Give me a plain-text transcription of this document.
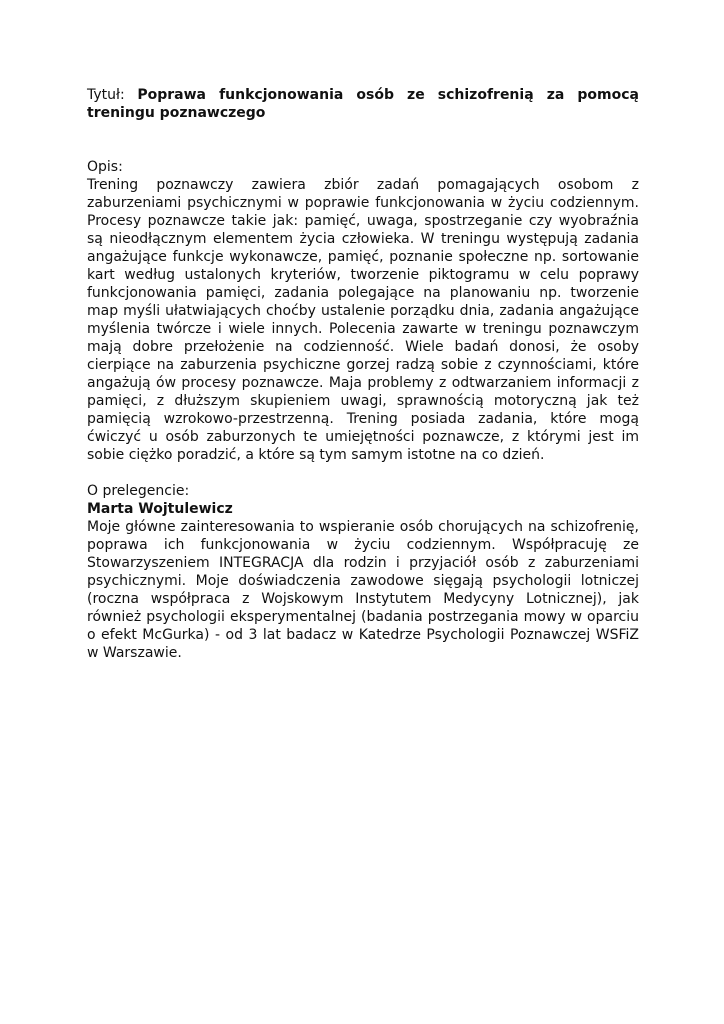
Tytuł: Poprawa funkcjonowania osób ze schizofrenią za pomocą treningu poznawczego

Opis:

Trening poznawczy zawiera zbiór zadań pomagających osobom z zaburzeniami psychicznymi w poprawie funkcjonowania w życiu codziennym. Procesy poznawcze takie jak: pamięć, uwaga, spostrzeganie czy wyobraźnia są nieodłącznym elementem życia człowieka. W treningu występują zadania angażujące funkcje wykonawcze, pamięć, poznanie społeczne np. sortowanie kart według ustalonych kryteriów, tworzenie piktogramu w celu poprawy funkcjonowania pamięci, zadania polegające na planowaniu np. tworzenie map myśli ułatwiających choćby ustalenie porządku dnia, zadania angażujące myślenia twórcze i wiele innych. Polecenia zawarte w treningu poznawczym mają dobre przełożenie na codzienność. Wiele badań donosi, że osoby cierpiące na zaburzenia psychiczne gorzej radzą sobie z czynnościami, które angażują ów procesy poznawcze. Maja problemy z odtwarzaniem informacji z pamięci, z dłuższym skupieniem uwagi, sprawnością motoryczną jak też pamięcią wzrokowo-przestrzenną. Trening posiada zadania, które mogą ćwiczyć u osób zaburzonych te umiejętności poznawcze, z którymi jest im sobie ciężko poradzić, a które są tym samym istotne na co dzień.

O prelegencie:

Marta Wojtulewicz

Moje główne zainteresowania to wspieranie osób chorujących na schizofrenię, poprawa ich funkcjonowania w życiu codziennym. Współpracuję ze Stowarzyszeniem INTEGRACJA dla rodzin i przyjaciół osób z zaburzeniami psychicznymi. Moje doświadczenia zawodowe sięgają psychologii lotniczej (roczna współpraca z Wojskowym Instytutem Medycyny Lotnicznej), jak również psychologii eksperymentalnej (badania postrzegania mowy w oparciu o efekt McGurka) - od 3 lat badacz w Katedrze Psychologii Poznawczej WSFiZ w Warszawie.
